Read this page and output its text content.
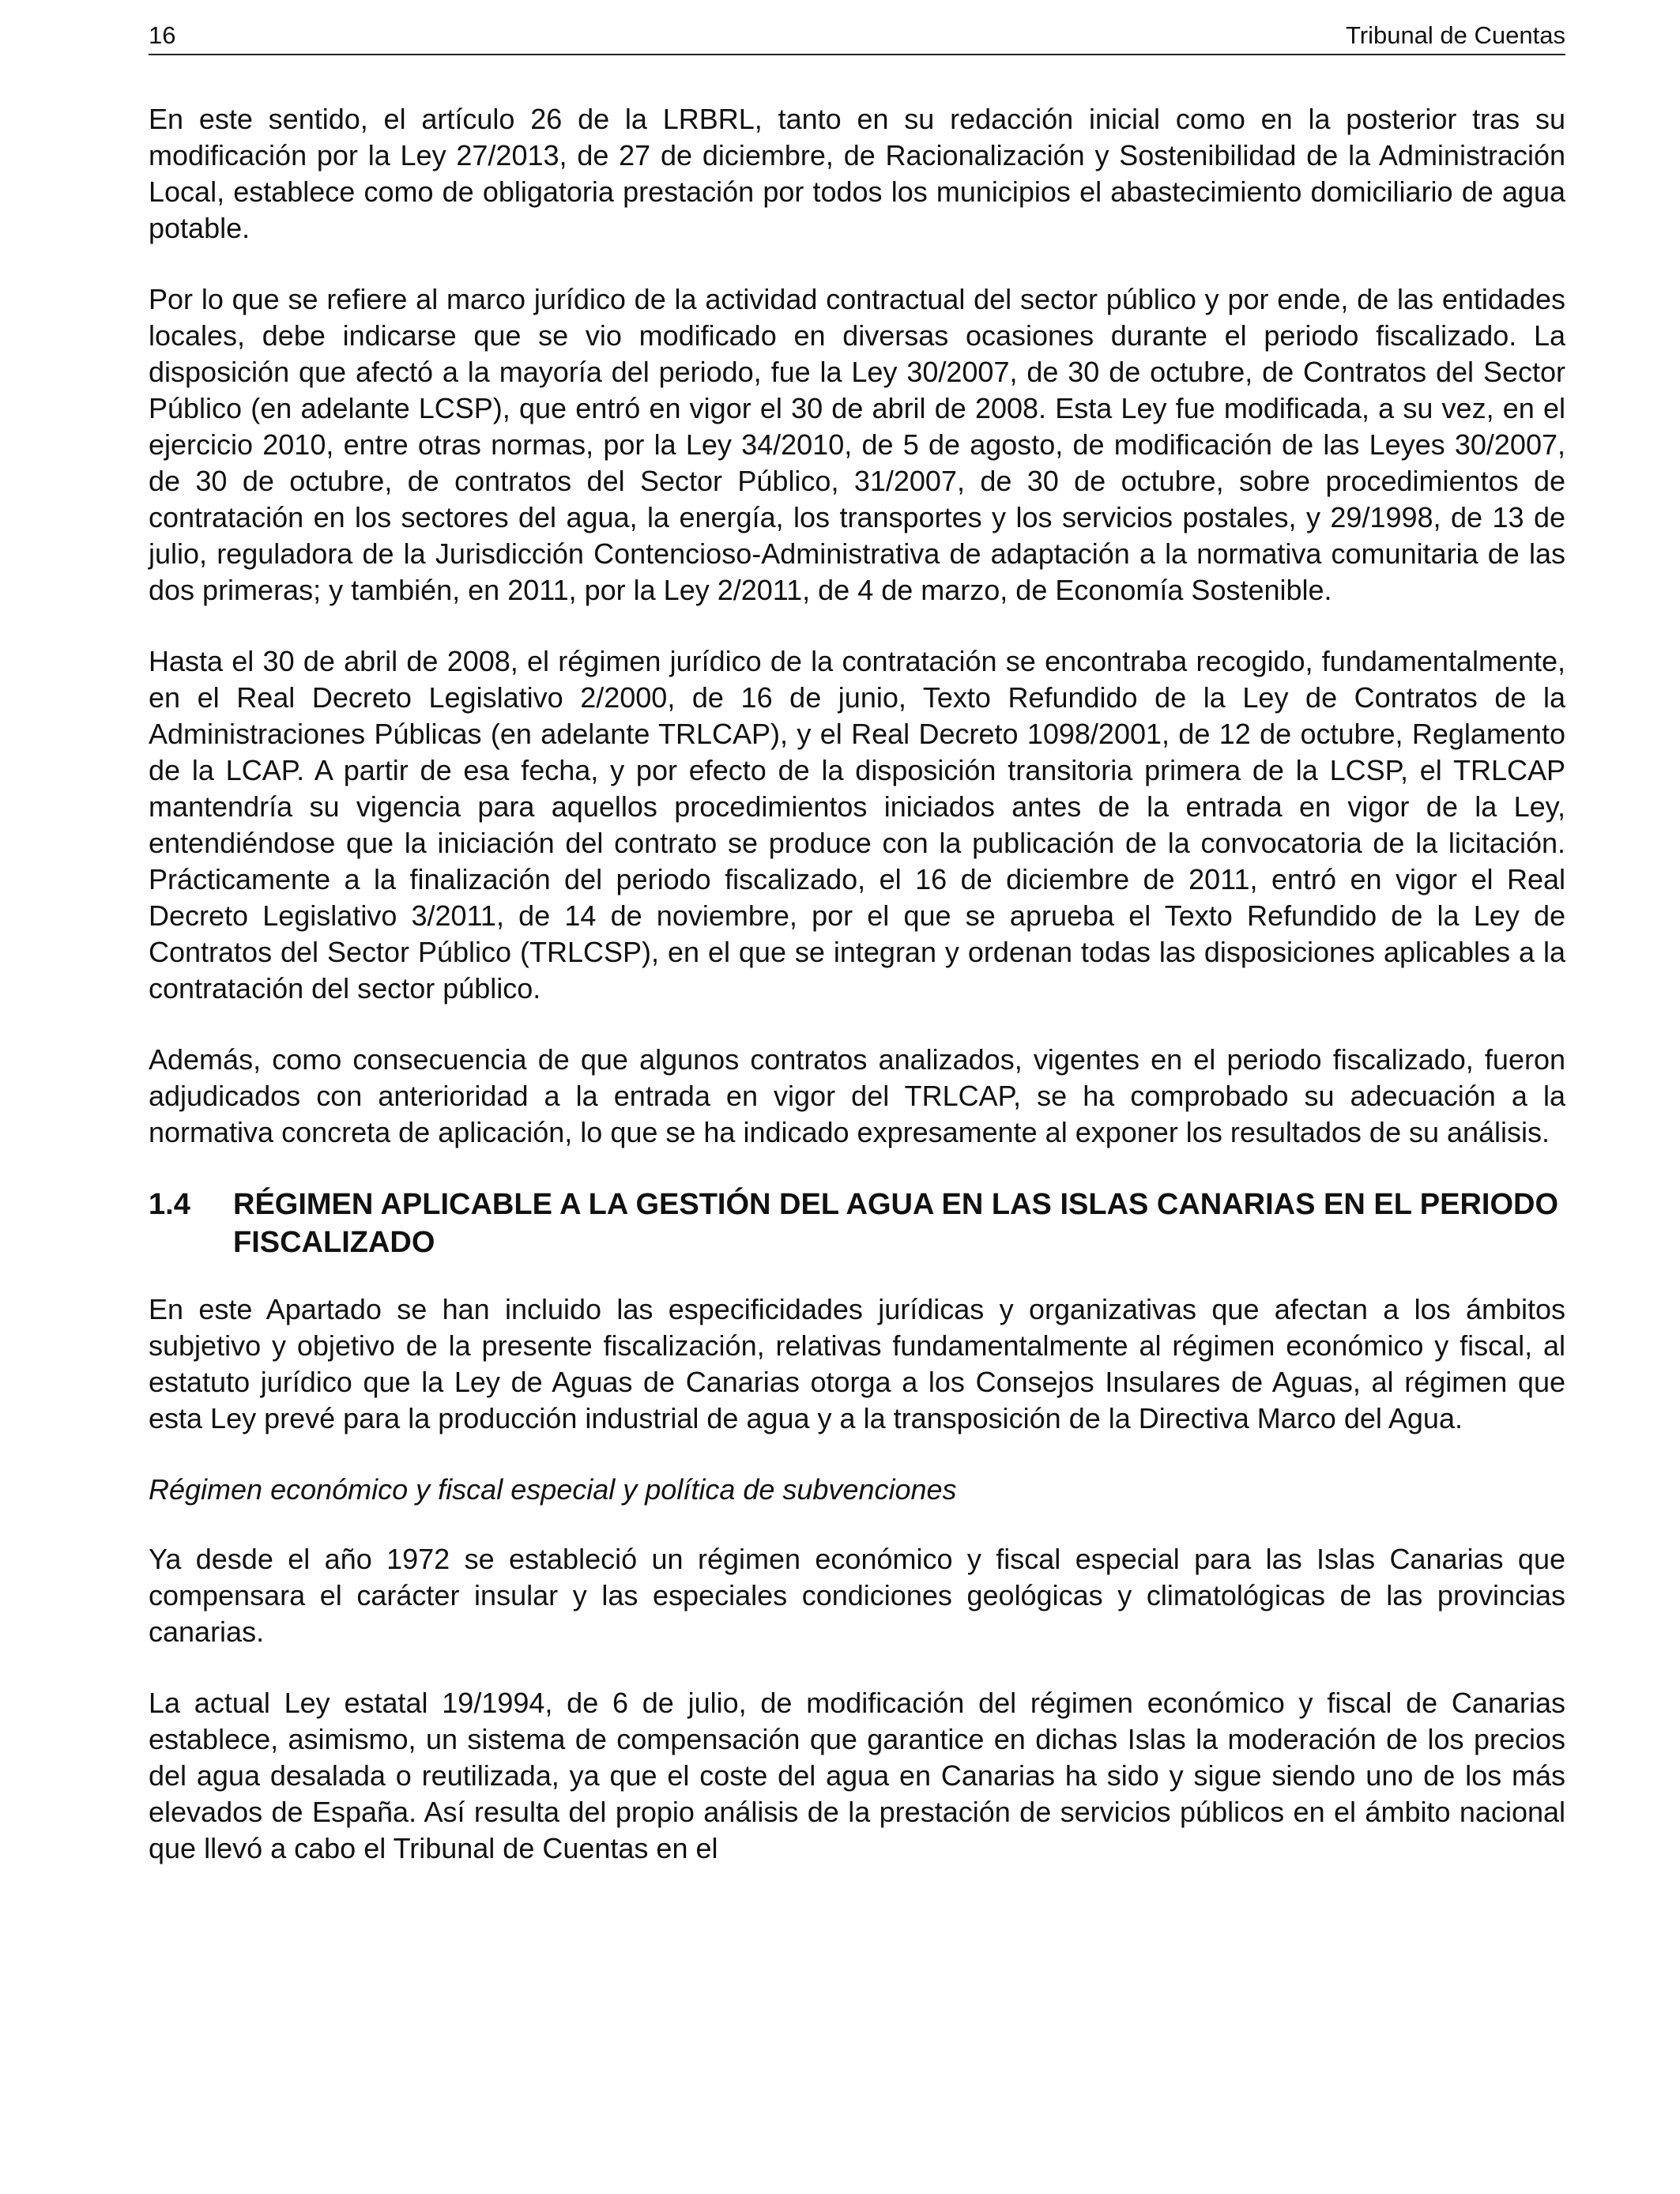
16	Tribunal de Cuentas

En este sentido, el artículo 26 de la LRBRL, tanto en su redacción inicial como en la posterior tras su modificación por la Ley 27/2013, de 27 de diciembre, de Racionalización y Sostenibilidad de la Administración Local, establece como de obligatoria prestación por todos los municipios el abastecimiento domiciliario de agua potable.

Por lo que se refiere al marco jurídico de la actividad contractual del sector público y por ende, de las entidades locales, debe indicarse que se vio modificado en diversas ocasiones durante el periodo fiscalizado. La disposición que afectó a la mayoría del periodo, fue la Ley 30/2007, de 30 de octubre, de Contratos del Sector Público (en adelante LCSP), que entró en vigor el 30 de abril de 2008. Esta Ley fue modificada, a su vez, en el ejercicio 2010, entre otras normas, por la Ley 34/2010, de 5 de agosto, de modificación de las Leyes 30/2007, de 30 de octubre, de contratos del Sector Público, 31/2007, de 30 de octubre, sobre procedimientos de contratación en los sectores del agua, la energía, los transportes y los servicios postales, y 29/1998, de 13 de julio, reguladora de la Jurisdicción Contencioso-Administrativa de adaptación a la normativa comunitaria de las dos primeras; y también, en 2011, por la Ley 2/2011, de 4 de marzo, de Economía Sostenible.

Hasta el 30 de abril de 2008, el régimen jurídico de la contratación se encontraba recogido, fundamentalmente, en el Real Decreto Legislativo 2/2000, de 16 de junio, Texto Refundido de la Ley de Contratos de la Administraciones Públicas (en adelante TRLCAP), y el Real Decreto 1098/2001, de 12 de octubre, Reglamento de la LCAP. A partir de esa fecha, y por efecto de la disposición transitoria primera de la LCSP, el TRLCAP mantendría su vigencia para aquellos procedimientos iniciados antes de la entrada en vigor de la Ley, entendiéndose que la iniciación del contrato se produce con la publicación de la convocatoria de la licitación. Prácticamente a la finalización del periodo fiscalizado, el 16 de diciembre de 2011, entró en vigor el Real Decreto Legislativo 3/2011, de 14 de noviembre, por el que se aprueba el Texto Refundido de la Ley de Contratos del Sector Público (TRLCSP), en el que se integran y ordenan todas las disposiciones aplicables a la contratación del sector público.

Además, como consecuencia de que algunos contratos analizados, vigentes en el periodo fiscalizado, fueron adjudicados con anterioridad a la entrada en vigor del TRLCAP, se ha comprobado su adecuación a la normativa concreta de aplicación, lo que se ha indicado expresamente al exponer los resultados de su análisis.

1.4	RÉGIMEN APLICABLE A LA GESTIÓN DEL AGUA EN LAS ISLAS CANARIAS EN EL PERIODO FISCALIZADO

En este Apartado se han incluido las especificidades jurídicas y organizativas que afectan a los ámbitos subjetivo y objetivo de la presente fiscalización, relativas fundamentalmente al régimen económico y fiscal, al estatuto jurídico que la Ley de Aguas de Canarias otorga a los Consejos Insulares de Aguas, al régimen que esta Ley prevé para la producción industrial de agua y a la transposición de la Directiva Marco del Agua.

Régimen económico y fiscal especial y política de subvenciones

Ya desde el año 1972 se estableció un régimen económico y fiscal especial para las Islas Canarias que compensara el carácter insular y las especiales condiciones geológicas y climatológicas de las provincias canarias.

La actual Ley estatal 19/1994, de 6 de julio, de modificación del régimen económico y fiscal de Canarias establece, asimismo, un sistema de compensación que garantice en dichas Islas la moderación de los precios del agua desalada o reutilizada, ya que el coste del agua en Canarias ha sido y sigue siendo uno de los más elevados de España. Así resulta del propio análisis de la prestación de servicios públicos en el ámbito nacional que llevó a cabo el Tribunal de Cuentas en el
